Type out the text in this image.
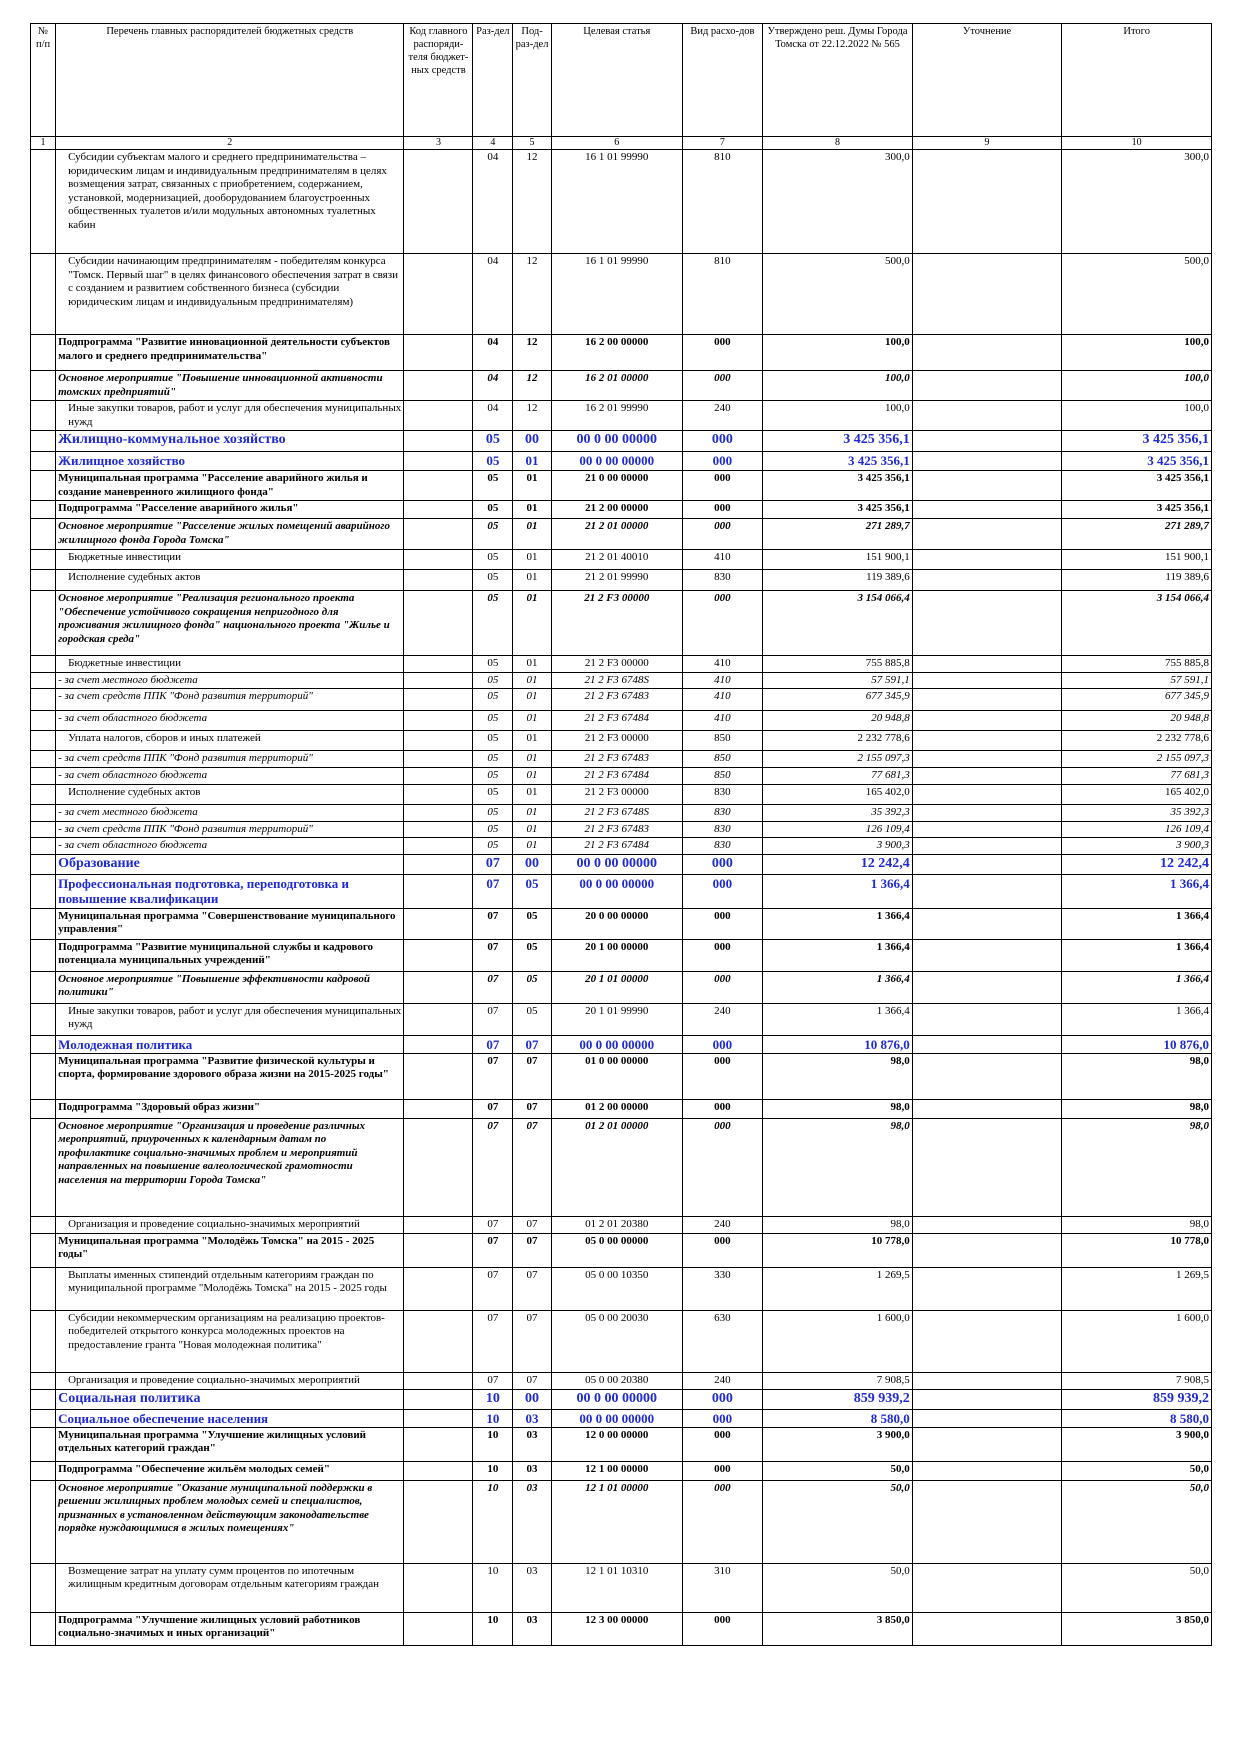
№ п/п	Перечень главных распорядителей бюджетных средств	Код главного распоряди-теля бюджет-ных средств	Раз-дел	Под-раз-дел	Целевая статья	Вид расхо-дов	Утверждено реш. Думы Города Томска от 22.12.2022 № 565	Уточнение	Итого
1	2	3	4	5	6	7	8	9	10
	Субсидии субъектам малого и среднего предпринимательства – юридическим лицам и индивидуальным предпринимателям в целях возмещения затрат, связанных с приобретением, содержанием, установкой, модернизацией, дооборудованием благоустроенных общественных туалетов и/или модульных автономных туалетных кабин		04	12	16 1 01 99990	810	300,0		300,0
	Субсидии начинающим предпринимателям - победителям конкурса "Томск. Первый шаг" в целях финансового обеспечения затрат в связи с созданием и развитием собственного бизнеса (субсидии юридическим лицам и индивидуальным предпринимателям)		04	12	16 1 01 99990	810	500,0		500,0
	Подпрограмма "Развитие инновационной деятельности субъектов малого и среднего предпринимательства"		04	12	16 2 00 00000	000	100,0		100,0
	Основное мероприятие "Повышение инновационной активности томских предприятий"		04	12	16 2 01 00000	000	100,0		100,0
	Иные закупки товаров, работ и услуг для обеспечения муниципальных нужд		04	12	16 2 01 99990	240	100,0		100,0
	Жилищно-коммунальное хозяйство		05	00	00 0 00 00000	000	3 425 356,1		3 425 356,1
	Жилищное хозяйство		05	01	00 0 00 00000	000	3 425 356,1		3 425 356,1
	Муниципальная программа "Расселение аварийного жилья и создание маневренного жилищного фонда"		05	01	21 0 00 00000	000	3 425 356,1		3 425 356,1
	Подпрограмма "Расселение аварийного жилья"		05	01	21 2 00 00000	000	3 425 356,1		3 425 356,1
	Основное мероприятие "Расселение жилых помещений аварийного жилищного фонда Города Томска"		05	01	21 2 01 00000	000	271 289,7		271 289,7
	Бюджетные инвестиции		05	01	21 2 01 40010	410	151 900,1		151 900,1
	Исполнение судебных актов		05	01	21 2 01 99990	830	119 389,6		119 389,6
	Основное мероприятие "Реализация регионального проекта "Обеспечение устойчивого сокращения непригодного для проживания жилищного фонда" национального проекта "Жилье и городская среда"		05	01	21 2 F3 00000	000	3 154 066,4		3 154 066,4
	Бюджетные инвестиции		05	01	21 2 F3 00000	410	755 885,8		755 885,8
	- за счет местного бюджета		05	01	21 2 F3 6748S	410	57 591,1		57 591,1
	- за счет средств ППК "Фонд развития территорий"		05	01	21 2 F3 67483	410	677 345,9		677 345,9
	- за счет областного бюджета		05	01	21 2 F3 67484	410	20 948,8		20 948,8
	Уплата налогов, сборов и иных платежей		05	01	21 2 F3 00000	850	2 232 778,6		2 232 778,6
	- за счет средств ППК "Фонд развития территорий"		05	01	21 2 F3 67483	850	2 155 097,3		2 155 097,3
	- за счет областного бюджета		05	01	21 2 F3 67484	850	77 681,3		77 681,3
	Исполнение судебных актов		05	01	21 2 F3 00000	830	165 402,0		165 402,0
	- за счет местного бюджета		05	01	21 2 F3 6748S	830	35 392,3		35 392,3
	- за счет средств ППК "Фонд развития территорий"		05	01	21 2 F3 67483	830	126 109,4		126 109,4
	- за счет областного бюджета		05	01	21 2 F3 67484	830	3 900,3		3 900,3
	Образование		07	00	00 0 00 00000	000	12 242,4		12 242,4
	Профессиональная подготовка, переподготовка и повышение квалификации		07	05	00 0 00 00000	000	1 366,4		1 366,4
	Муниципальная программа "Совершенствование муниципального управления"		07	05	20 0 00 00000	000	1 366,4		1 366,4
	Подпрограмма "Развитие муниципальной службы и кадрового потенциала муниципальных учреждений"		07	05	20 1 00 00000	000	1 366,4		1 366,4
	Основное мероприятие "Повышение эффективности кадровой политики"		07	05	20 1 01 00000	000	1 366,4		1 366,4
	Иные закупки товаров, работ и услуг для обеспечения муниципальных нужд		07	05	20 1 01 99990	240	1 366,4		1 366,4
	Молодежная политика		07	07	00 0 00 00000	000	10 876,0		10 876,0
	Муниципальная программа "Развитие физической культуры и спорта, формирование здорового образа жизни на 2015-2025 годы"		07	07	01 0 00 00000	000	98,0		98,0
	Подпрограмма "Здоровый образ жизни"		07	07	01 2 00 00000	000	98,0		98,0
	Основное мероприятие "Организация и проведение различных мероприятий, приуроченных к календарным датам по профилактике социально-значимых проблем и мероприятий направленных на повышение валеологической грамотности населения на территории Города Томска"		07	07	01 2 01 00000	000	98,0		98,0
	Организация и проведение социально-значимых мероприятий		07	07	01 2 01 20380	240	98,0		98,0
	Муниципальная программа "Молодёжь Томска" на 2015 - 2025 годы"		07	07	05 0 00 00000	000	10 778,0		10 778,0
	Выплаты именных стипендий отдельным категориям граждан по муниципальной программе "Молодёжь Томска" на 2015 - 2025 годы		07	07	05 0 00 10350	330	1 269,5		1 269,5
	Субсидии некоммерческим организациям на реализацию проектов-победителей открытого конкурса молодежных проектов на предоставление гранта "Новая молодежная политика"		07	07	05 0 00 20030	630	1 600,0		1 600,0
	Организация и проведение социально-значимых мероприятий		07	07	05 0 00 20380	240	7 908,5		7 908,5
	Социальная политика		10	00	00 0 00 00000	000	859 939,2		859 939,2
	Социальное обеспечение населения		10	03	00 0 00 00000	000	8 580,0		8 580,0
	Муниципальная программа "Улучшение жилищных условий отдельных категорий граждан"		10	03	12 0 00 00000	000	3 900,0		3 900,0
	Подпрограмма "Обеспечение жильём молодых семей"		10	03	12 1 00 00000	000	50,0		50,0
	Основное мероприятие "Оказание муниципальной поддержки в решении жилищных проблем молодых семей и специалистов, признанных в установленном действующим законодательстве порядке нуждающимися в жилых помещениях"		10	03	12 1 01 00000	000	50,0		50,0
	Возмещение затрат на уплату сумм процентов по ипотечным жилищным кредитным договорам отдельным категориям граждан		10	03	12 1 01 10310	310	50,0		50,0
	Подпрограмма "Улучшение жилищных условий работников социально-значимых и иных организаций"		10	03	12 3 00 00000	000	3 850,0		3 850,0
